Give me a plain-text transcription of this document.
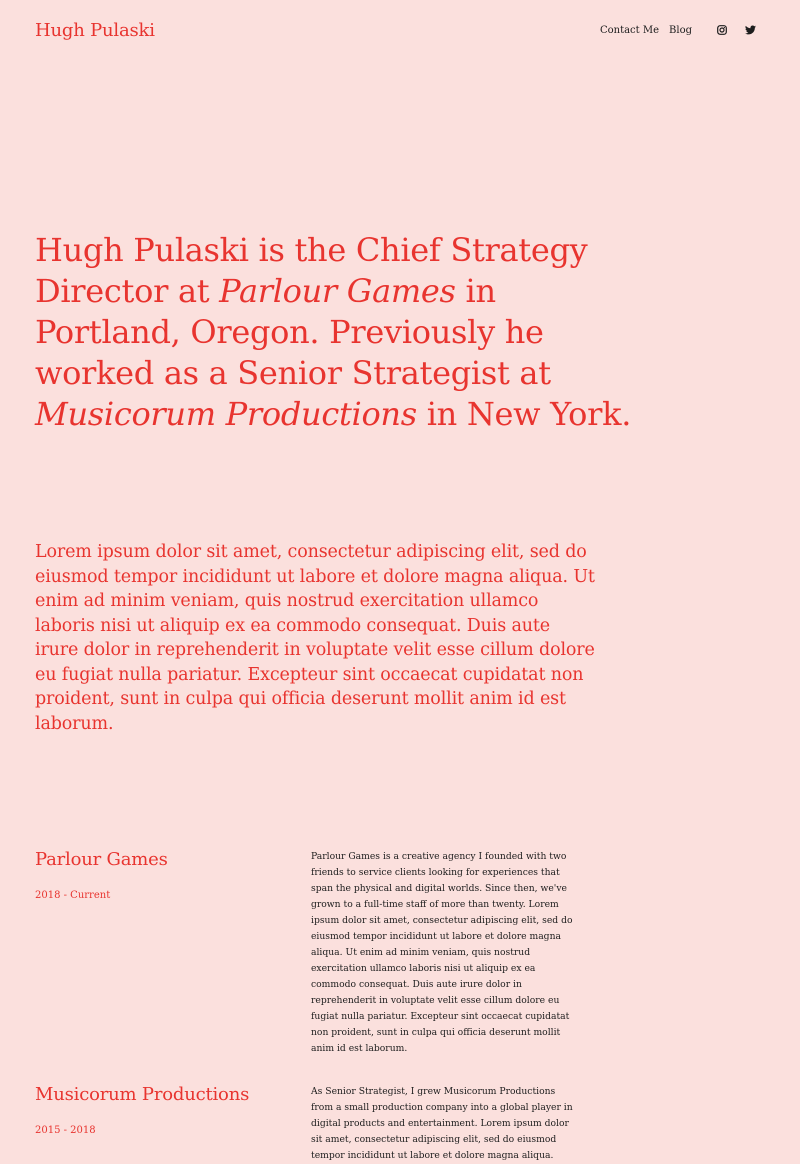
Hugh Pulaski	Contact Me Blog
Hugh Pulaski is the Chief Strategy Director at Parlour Games in Portland, Oregon. Previously he worked as a Senior Strategist at Musicorum Productions in New York.

Lorem ipsum dolor sit amet, consectetur adipiscing elit, sed do eiusmod tempor incididunt ut labore et dolore magna aliqua. Ut enim ad minim veniam, quis nostrud exercitation ullamco laboris nisi ut aliquip ex ea commodo consequat. Duis aute irure dolor in reprehenderit in voluptate velit esse cillum dolore eu fugiat nulla pariatur. Excepteur sint occaecat cupidatat non proident, sunt in culpa qui officia deserunt mollit anim id est laborum.

Parlour Games
2018 - Current

Parlour Games is a creative agency I founded with two friends to service clients looking for experiences that span the physical and digital worlds. Since then, we've grown to a full-time staff of more than twenty. Lorem ipsum dolor sit amet, consectetur adipiscing elit, sed do eiusmod tempor incididunt ut labore et dolore magna aliqua. Ut enim ad minim veniam, quis nostrud exercitation ullamco laboris nisi ut aliquip ex ea commodo consequat. Duis aute irure dolor in reprehenderit in voluptate velit esse cillum dolore eu fugiat nulla pariatur. Excepteur sint occaecat cupidatat non proident, sunt in culpa qui officia deserunt mollit anim id est laborum.

Musicorum Productions
2015 - 2018

As Senior Strategist, I grew Musicorum Productions from a small production company into a global player in digital products and entertainment. Lorem ipsum dolor sit amet, consectetur adipiscing elit, sed do eiusmod tempor incididunt ut labore et dolore magna aliqua.
